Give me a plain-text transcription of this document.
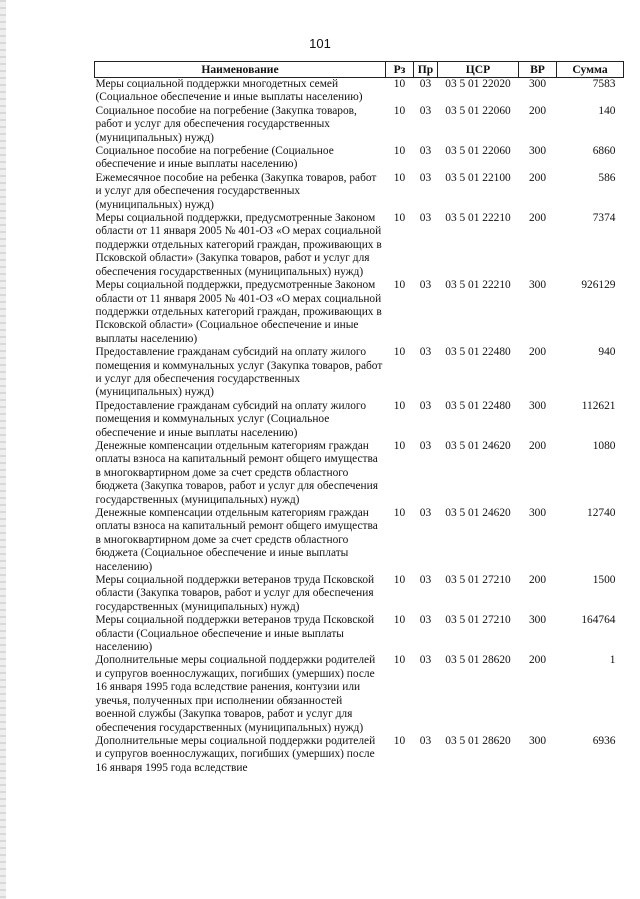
101
Наименование	Рз	Пр	ЦСР	ВР	Сумма
Меры социальной поддержки многодетных семей (Социальное обеспечение и иные выплаты населению)	10	03	03 5 01 22020	300	7583
Социальное пособие на погребение (Закупка товаров, работ и услуг для обеспечения государственных (муниципальных) нужд)	10	03	03 5 01 22060	200	140
Социальное пособие на погребение (Социальное обеспечение и иные выплаты населению)	10	03	03 5 01 22060	300	6860
Ежемесячное пособие на ребенка (Закупка товаров, работ и услуг для обеспечения государственных (муниципальных) нужд)	10	03	03 5 01 22100	200	586
Меры социальной поддержки, предусмотренные Законом области от 11 января 2005 № 401-ОЗ «О мерах социальной поддержки отдельных категорий граждан, проживающих в Псковской области» (Закупка товаров, работ и услуг для обеспечения государственных (муниципальных) нужд)	10	03	03 5 01 22210	200	7374
Меры социальной поддержки, предусмотренные Законом области от 11 января 2005 № 401-ОЗ «О мерах социальной поддержки отдельных категорий граждан, проживающих в Псковской области» (Социальное обеспечение и иные выплаты населению)	10	03	03 5 01 22210	300	926129
Предоставление гражданам субсидий на оплату жилого помещения и коммунальных услуг (Закупка товаров, работ и услуг для обеспечения государственных (муниципальных) нужд)	10	03	03 5 01 22480	200	940
Предоставление гражданам субсидий на оплату жилого помещения и коммунальных услуг (Социальное обеспечение и иные выплаты населению)	10	03	03 5 01 22480	300	112621
Денежные компенсации отдельным категориям граждан оплаты взноса на капитальный ремонт общего имущества в многоквартирном доме за счет средств областного бюджета (Закупка товаров, работ и услуг для обеспечения государственных (муниципальных) нужд)	10	03	03 5 01 24620	200	1080
Денежные компенсации отдельным категориям граждан оплаты взноса на капитальный ремонт общего имущества в многоквартирном доме за счет средств областного бюджета (Социальное обеспечение и иные выплаты населению)	10	03	03 5 01 24620	300	12740
Меры социальной поддержки ветеранов труда Псковской области (Закупка товаров, работ и услуг для обеспечения государственных (муниципальных) нужд)	10	03	03 5 01 27210	200	1500
Меры социальной поддержки ветеранов труда Псковской области (Социальное обеспечение и иные выплаты населению)	10	03	03 5 01 27210	300	164764
Дополнительные меры социальной поддержки родителей и супругов военнослужащих, погибших (умерших) после 16 января 1995 года вследствие ранения, контузии или увечья, полученных при исполнении обязанностей военной службы (Закупка товаров, работ и услуг для обеспечения государственных (муниципальных) нужд)	10	03	03 5 01 28620	200	1
Дополнительные меры социальной поддержки родителей и супругов военнослужащих, погибших (умерших) после 16 января 1995 года вследствие	10	03	03 5 01 28620	300	6936
